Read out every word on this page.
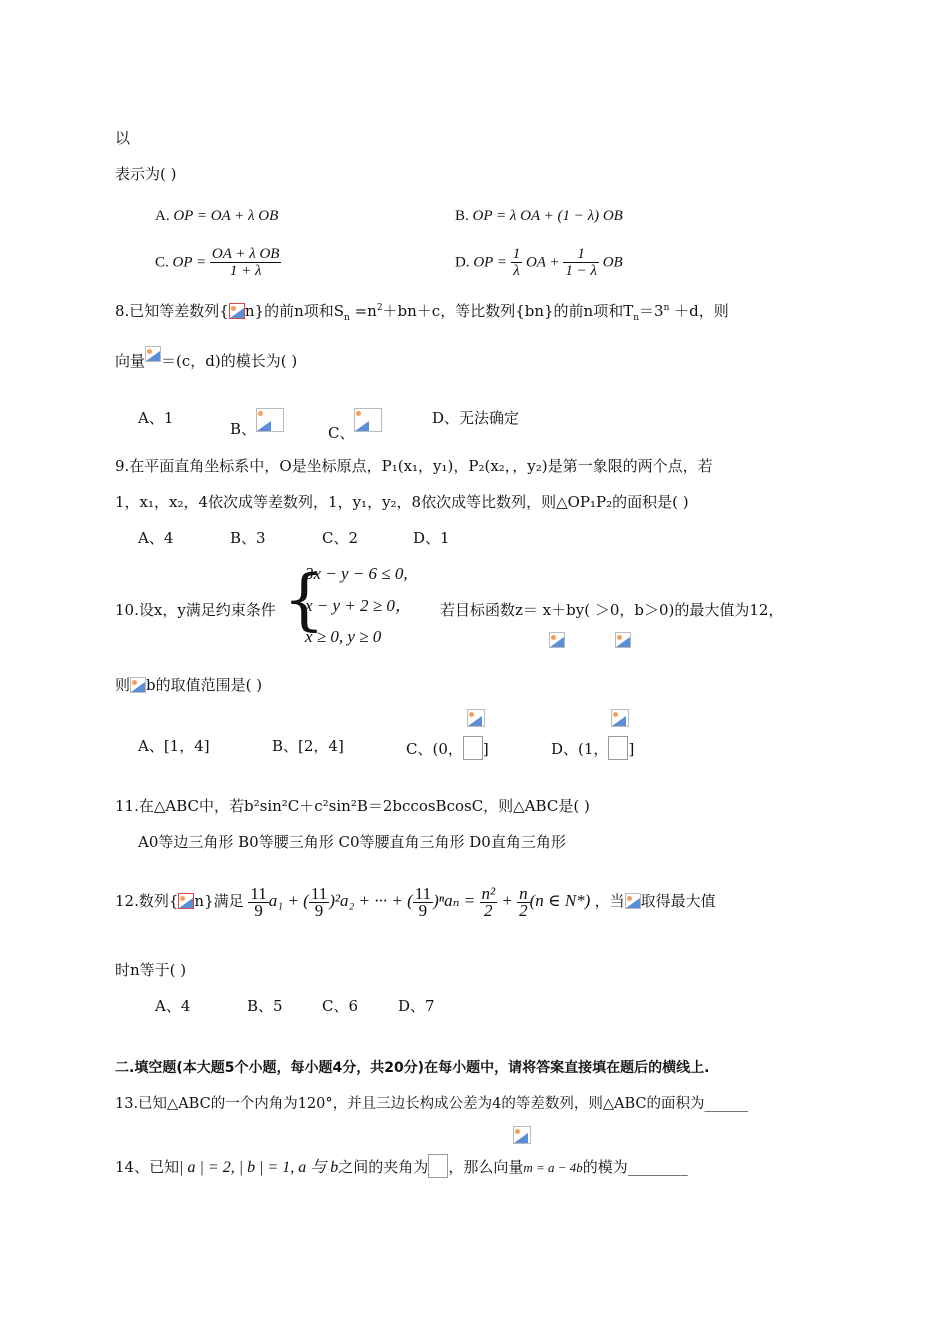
以
表示为( )
A. OP = OA + λ OB	B. OP = λ OA + (1 − λ) OB
C. OP = $\frac{\text{OA + λ OB}}{1 + \lambda}$	D. OP = $\frac{1}{\lambda}$ OA + $\frac{1}{1 - \lambda}$ OB
8.已知等差数列{ n}的前n项和$S_n =n^2+bn+c$，等比数列{bn}的前n项和$T_n=3^n +d$，则
向量 ＝(c，d)的模长为( )
A、1
B、	C、
D、无法确定
9.在平面直角坐标系中，O是坐标原点，P₁(x₁，y₁)，P₂(x₂，，y₂)是第一象限的两个点，若
1，x₁，x₂，4依次成等差数列，1，y₁，y₂，8依次成等比数列，则△OP₁P₂的面积是( )
A、4	B、3	C、2	D、1
10.设x，y满足约束条件 {
3x − y − 6 ≤ 0,
x − y + 2 ≥ 0，
x ≥ 0, y ≥ 0
若目标函数z＝ x＋by( ＞0，b＞0)的最大值为12，
则 b的取值范围是( )
A、[1，4]	B、[2，4]	C、(0， ]	D、(1， ]
11.在△ABC中，若b²sin²C＋c²sin²B＝2bccosBcosC，则△ABC是( )
A0等边三角形 B0等腰三角形 C0等腰直角三角形 D0直角三角形
12.数列{ n}满足 $\frac{11}{9} a_1$ + ( $\frac{11}{9} )^2a_2$ + ··· + ( $\frac{11}{9} )^na_n = \frac{\text{n²}}{2} + \frac{n}{2} (n$ ∈ N*) ，当 取得最大值
时n等于( )
A、4	B、5	C、6	D、7
二.填空题(本大题5个小题，每小题4分，共20分)在每小题中，请将答案直接填在题后的横线上.
13.已知△ABC的一个内角为120°，并且三边长构成公差为4的等差数列，则△ABC的面积为______
14、已知| a | = 2, | b | = 1, a 与 b之间的夹角为 ，那么向量m = a − 4b的模为________
